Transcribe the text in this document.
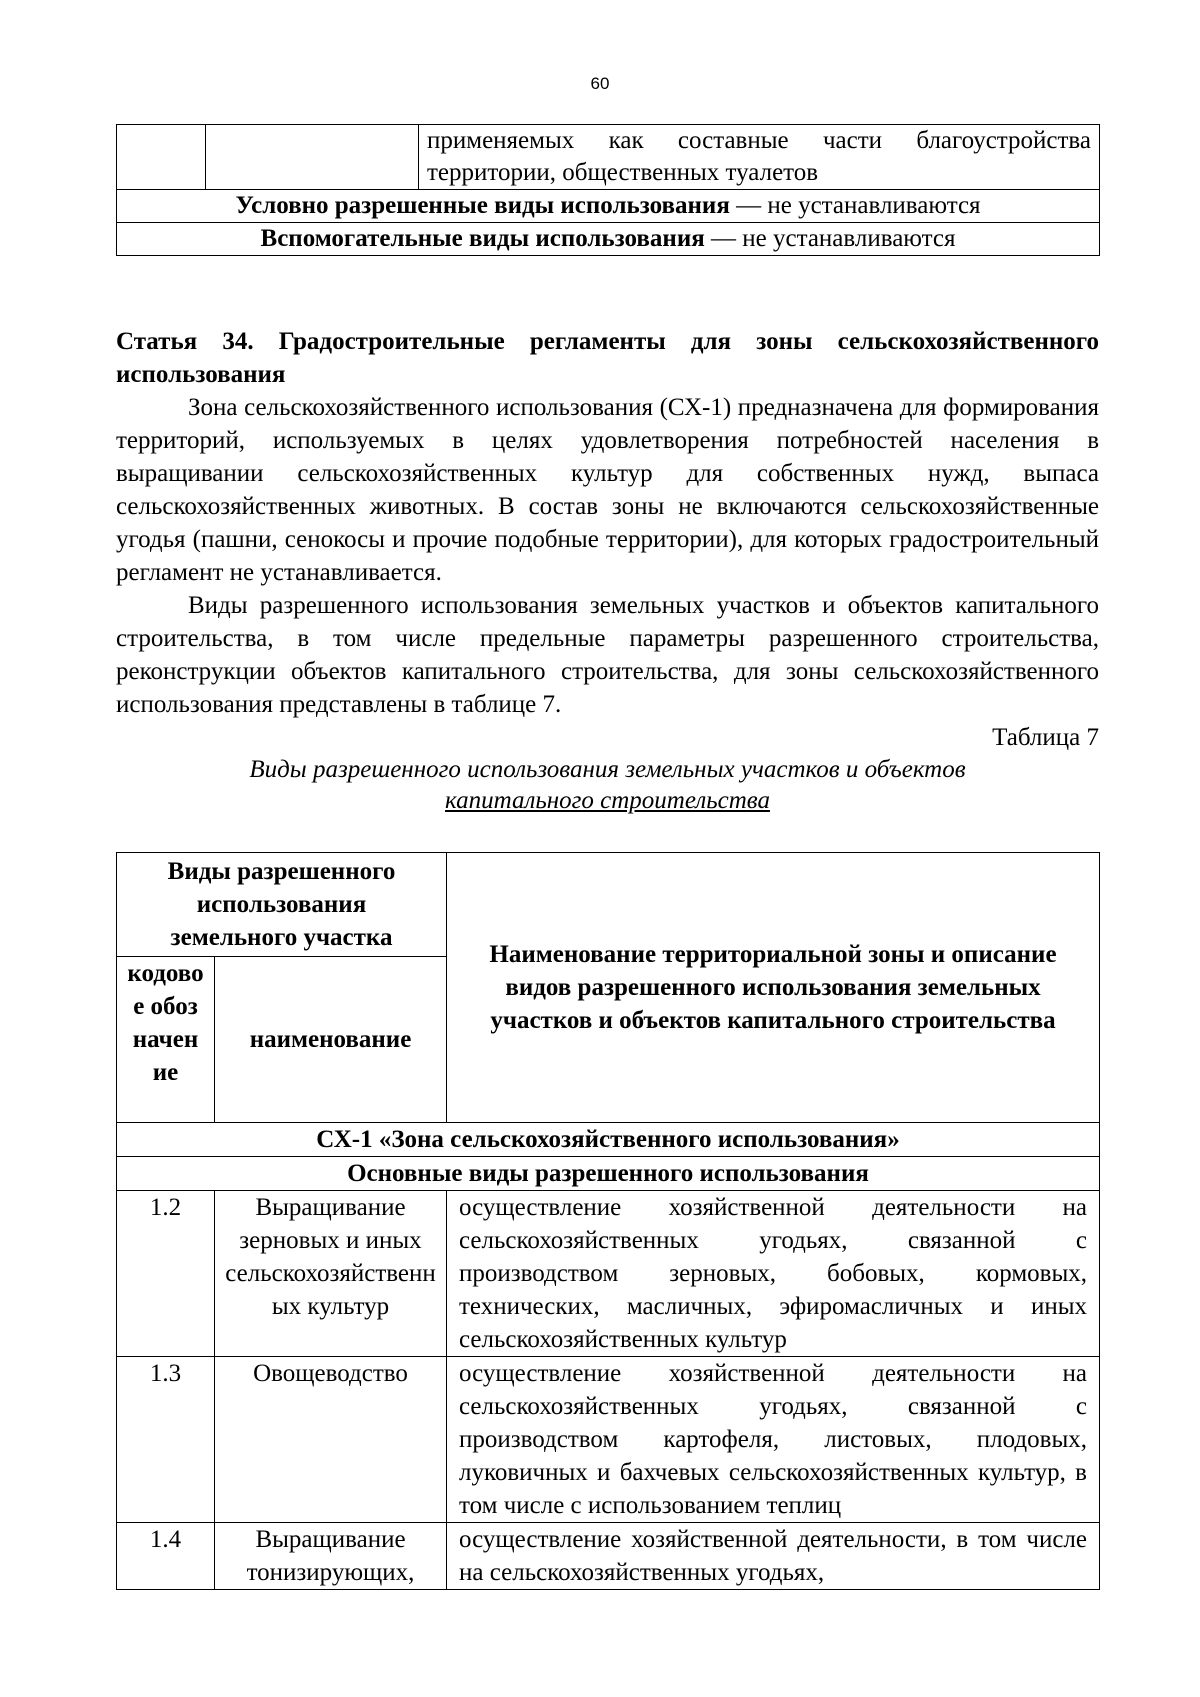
60
		применяемых как составные части благоустройства территории, общественных туалетов
Условно разрешенные виды использования — не устанавливаются
Вспомогательные виды использования — не устанавливаются

Статья 34. Градостроительные регламенты для зоны сельскохозяйственного использования

Зона сельскохозяйственного использования (СХ-1) предназначена для формирования территорий, используемых в целях удовлетворения потребностей населения в выращивании сельскохозяйственных культур для собственных нужд, выпаса сельскохозяйственных животных. В состав зоны не включаются сельскохозяйственные угодья (пашни, сенокосы и прочие подобные территории), для которых градостроительный регламент не устанавливается.

Виды разрешенного использования земельных участков и объектов капитального строительства, в том числе предельные параметры разрешенного строительства, реконструкции объектов капитального строительства, для зоны сельскохозяйственного использования представлены в таблице 7.

Таблица 7

Виды разрешенного использования земельных участков и объектов
капитального строительства

Виды разрешенного использования земельного участка		Наименование территориальной зоны и описание видов разрешенного использования земельных участков и объектов капитального строительства
кодовое обозначение	наименование	
СХ-1 «Зона сельскохозяйственного использования»		
Основные виды разрешенного использования		
1.2	Выращивание зерновых и иных сельскохозяйственных культур	осуществление хозяйственной деятельности на сельскохозяйственных угодьях, связанной с производством зерновых, бобовых, кормовых, технических, масличных, эфиромасличных и иных сельскохозяйственных культур
1.3	Овощеводство	осуществление хозяйственной деятельности на сельскохозяйственных угодьях, связанной с производством картофеля, листовых, плодовых, луковичных и бахчевых сельскохозяйственных культур, в том числе с использованием теплиц
1.4	Выращивание тонизирующих,	осуществление хозяйственной деятельности, в том числе на сельскохозяйственных угодьях,
